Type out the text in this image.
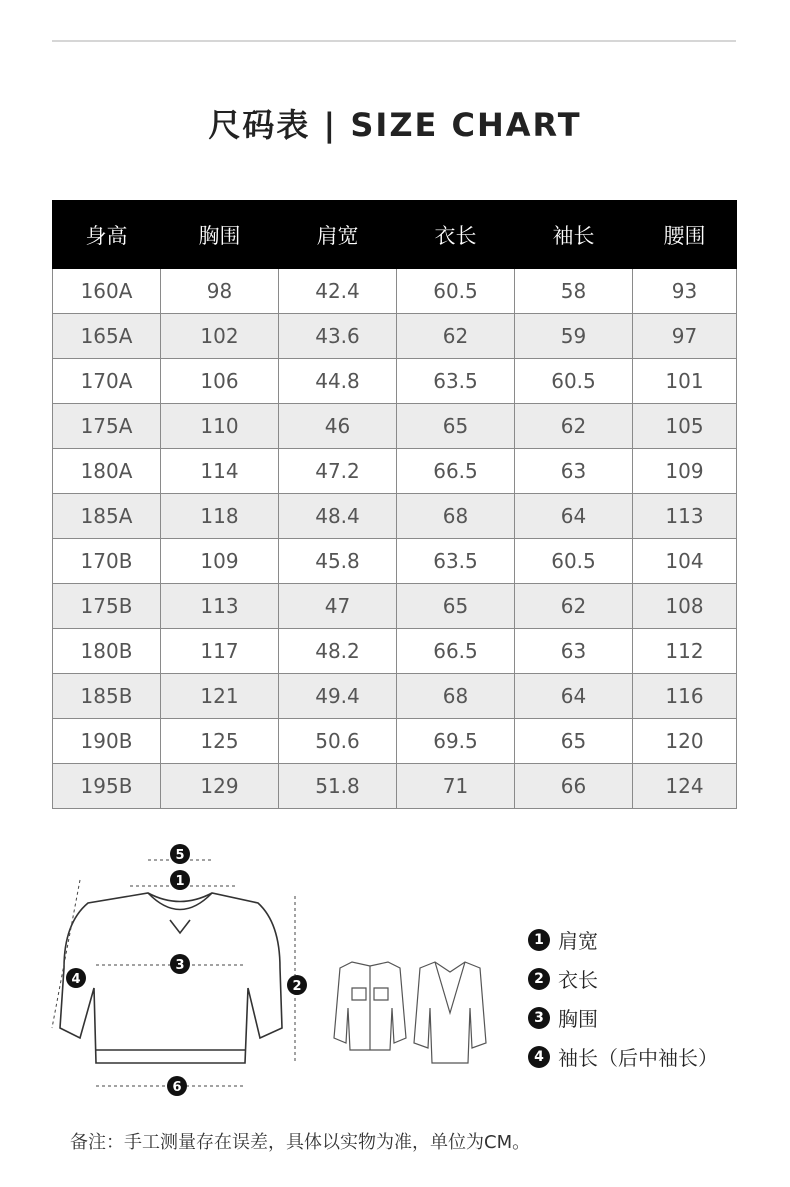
尺码表 | SIZE CHART
身高	胸围	肩宽	衣长	袖长	腰围
160A	98	42.4	60.5	58	93
165A	102	43.6	62	59	97
170A	106	44.8	63.5	60.5	101
175A	110	46	65	62	105
180A	114	47.2	66.5	63	109
185A	118	48.4	68	64	113
170B	109	45.8	63.5	60.5	104
175B	113	47	65	62	108
180B	117	48.2	66.5	63	112
185B	121	49.4	68	64	116
190B	125	50.6	69.5	65	120
195B	129	51.8	71	66	124
5
1
3
2
4
6
1 肩宽
2 衣长
3 胸围
4 袖长（后中袖长）
备注：手工测量存在误差，具体以实物为准，单位为CM。
